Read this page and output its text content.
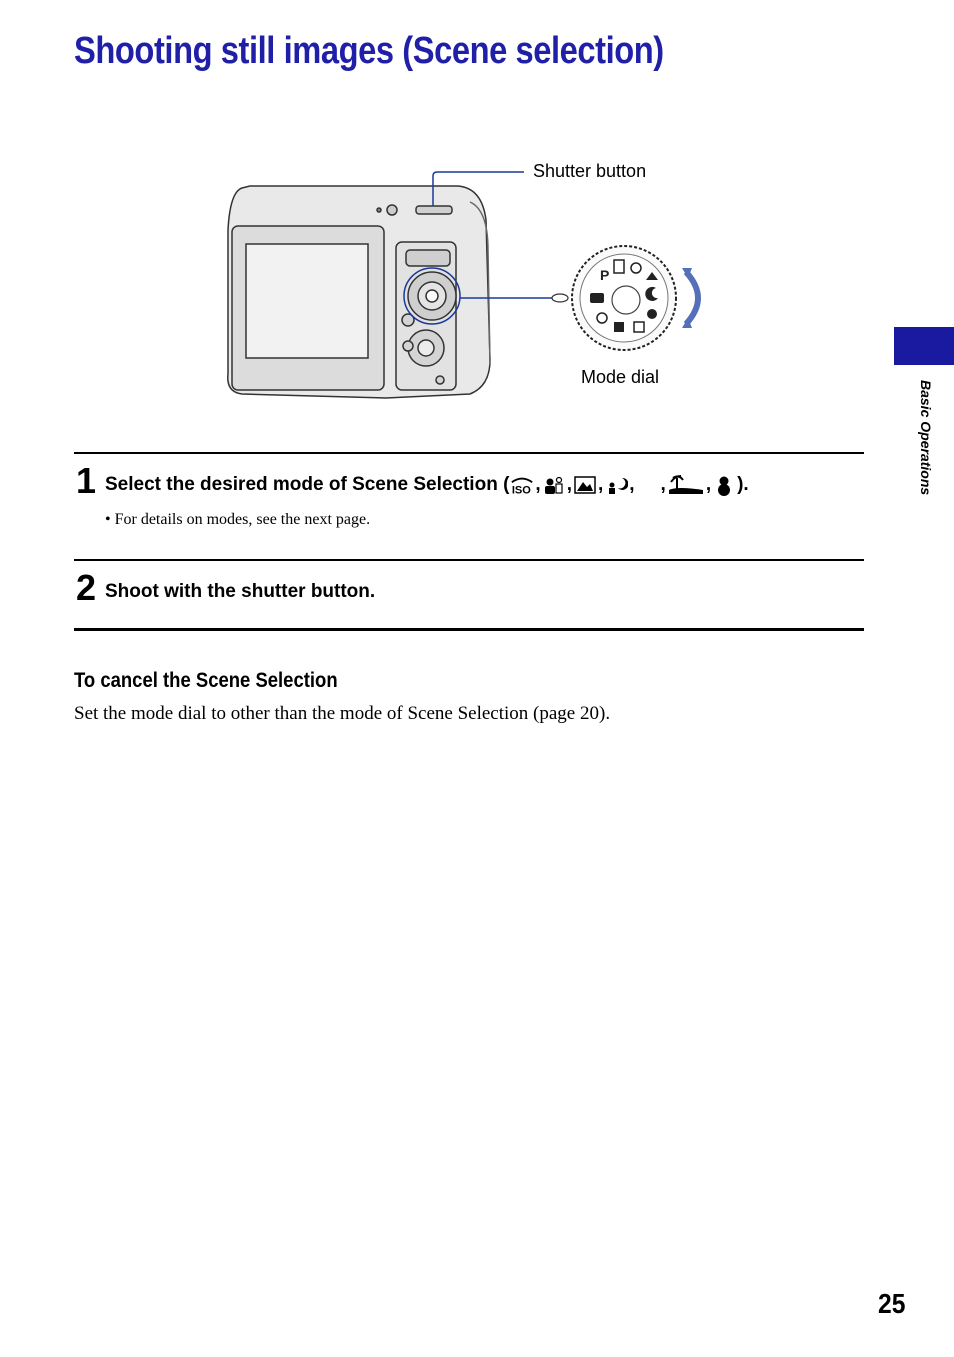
Shooting still images (Scene selection)
Basic Operations
P
Shutter button
Mode dial
1 Select the desired mode of Scene Selection ( ISO , , , , , , ).
• For details on modes, see the next page.
2 Shoot with the shutter button.
To cancel the Scene Selection
Set the mode dial to other than the mode of Scene Selection (page 20).
25
